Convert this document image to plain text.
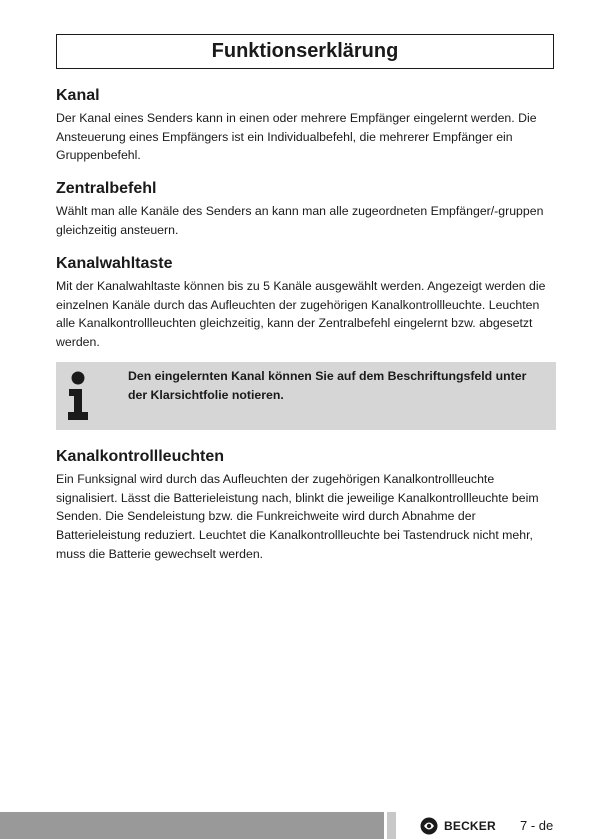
Funktionserklärung
Kanal

Der Kanal eines Senders kann in einen oder mehrere Empfänger eingelernt werden. Die Ansteuerung eines Empfängers ist ein Individualbefehl, die mehrerer Empfänger ein Gruppenbefehl.

Zentralbefehl

Wählt man alle Kanäle des Senders an kann man alle zugeordneten Empfänger/-gruppen gleichzeitig ansteuern.

Kanalwahltaste

Mit der Kanalwahltaste können bis zu 5 Kanäle ausgewählt werden. Angezeigt werden die einzelnen Kanäle durch das Aufleuchten der zugehörigen Kanalkontrollleuchte. Leuchten alle Kanalkontrollleuchten gleichzeitig, kann der Zentralbefehl eingelernt bzw. abgesetzt werden.

Den eingelernten Kanal können Sie auf dem Beschriftungsfeld unter der Klarsichtfolie notieren.
Kanalkontrollleuchten

Ein Funksignal wird durch das Aufleuchten der zugehörigen Kanalkontrollleuchte signalisiert. Lässt die Batterieleistung nach, blinkt die jeweilige Kanalkontrollleuchte beim Senden. Die Sendeleistung bzw. die Funkreichweite wird durch Abnahme der Batterieleistung reduziert. Leuchtet die Kanalkontrollleuchte bei Tastendruck nicht mehr, muss die Batterie gewechselt werden.

BECKER 7 - de
